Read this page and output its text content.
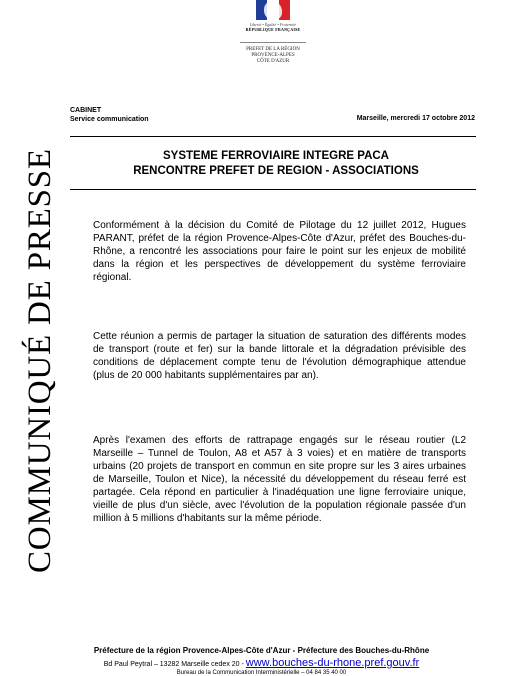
Liberté • Égalité • Fraternité
RÉPUBLIQUE FRANÇAISE
PREFET DE LA RÉGION
PROVENCE-ALPES
CÔTE D'AZUR
CABINET
Service communication	Marseille, mercredi 17 octobre 2012
SYSTEME FERROVIAIRE INTEGRE PACA
RENCONTRE PREFET DE REGION - ASSOCIATIONS
COMMUNIQUÉ DE PRESSE	Conformément à la décision du Comité de Pilotage du 12 juillet 2012, Hugues PARANT, préfet de la région Provence-Alpes-Côte d'Azur, préfet des Bouches-du-Rhône, a rencontré les associations pour faire le point sur les enjeux de mobilité dans la région et les perspectives de développement du système ferroviaire régional.

Cette réunion a permis de partager la situation de saturation des différents modes de transport (route et fer) sur la bande littorale et la dégradation prévisible des conditions de déplacement compte tenu de l'évolution démographique attendue (plus de 20 000 habitants supplémentaires par an).

Après l'examen des efforts de rattrapage engagés sur le réseau routier (L2 Marseille – Tunnel de Toulon, A8 et A57 à 3 voies) et en matière de transports urbains (20 projets de transport en commun en site propre sur les 3 aires urbaines de Marseille, Toulon et Nice), la nécessité du développement du réseau ferré est partagée. Cela répond en particulier à l'inadéquation une ligne ferroviaire unique, vieille de plus d'un siècle, avec l'évolution de la population régionale passée d'un million à 5 millions d'habitants sur la même période.

Préfecture de la région Provence-Alpes-Côte d'Azur - Préfecture des Bouches-du-Rhône
Bd Paul Peytral – 13282 Marseille cedex 20 - www.bouches-du-rhone.pref.gouv.fr
Bureau de la Communication Interministérielle – 04 84 35 40 00
